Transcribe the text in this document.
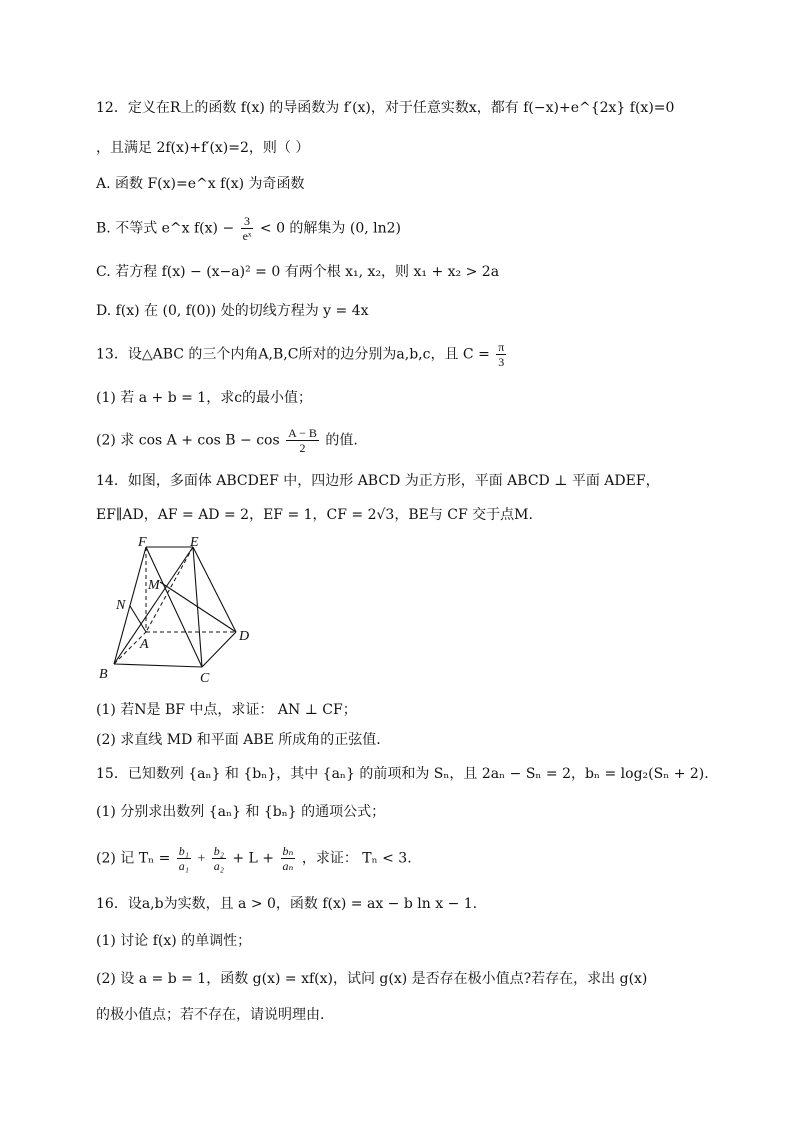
12．定义在R上的函数 f(x) 的导函数为 f′(x)，对于任意实数x，都有 f(−x)+e^{2x} f(x)=0
，且满足 2f(x)+f′(x)=2，则（ ）
A. 函数 F(x)=e^x f(x) 为奇函数
B. 不等式 e^x $f(x) - \frac{3}{\text{eˣ}} < 0$ 的解集为 (0, ln2)
C. 若方程 f(x) − (x−a)² = 0 有两个根 x₁, x₂，则 x₁ + x₂ > 2a
D. f(x) 在 (0, f(0)) 处的切线方程为 y = 4x
13．设△ABC 的三个内角A,B,C所对的边分别为a,b,c，且 $C = \frac{\pi}{3}$
(1) 若 a + b = 1，求c的最小值；
(2) 求 $\cos A + \cos B - \cos \frac{A - B}{2}$ 的值.
14．如图，多面体 ABCDEF 中，四边形 ABCD 为正方形，平面 ABCD ⊥ 平面 ADEF，
EF∥AD，AF = AD = 2，EF = 1，CF = 2√3，BE与 CF 交于点M.
F	E
M
N
A
D
B	C
(1) 若N是 BF 中点，求证： AN ⊥ CF；
(2) 求直线 MD 和平面 ABE 所成角的正弦值.
15．已知数列 {aₙ} 和 {bₙ}，其中 {aₙ} 的前项和为 Sₙ，且 2aₙ − Sₙ = 2，bₙ = log₂(Sₙ + 2).
(1) 分别求出数列 {aₙ} 和 {bₙ} 的通项公式；
(2) 记 $T_n = \frac{\text{b₁}}{\text{a₁}} + \frac{\text{b₂}}{\text{a₂}} + L + \frac{\text{bₙ}}{\text{aₙ}}$ ，求证： Tₙ < 3.
16．设a,b为实数，且 a > 0，函数 f(x) = ax − b ln x − 1.
(1) 讨论 f(x) 的单调性；
(2) 设 a = b = 1，函数 g(x) = xf(x)，试问 g(x) 是否存在极小值点?若存在，求出 g(x)
的极小值点；若不存在，请说明理由.
